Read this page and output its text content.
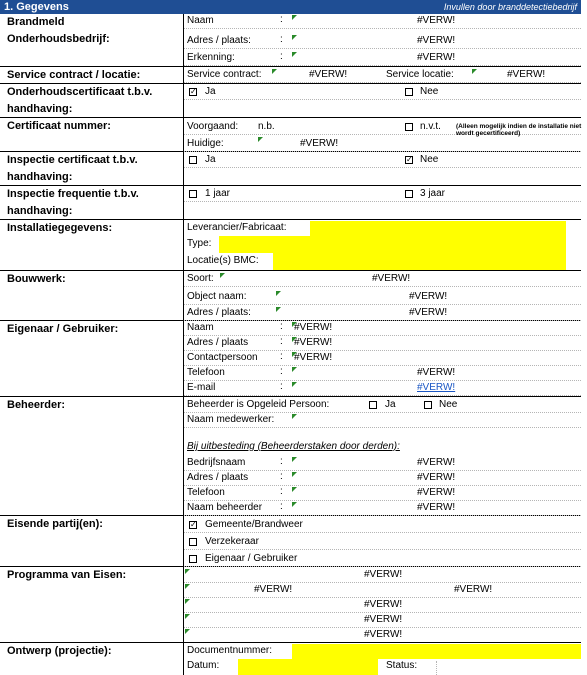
1. Gegevens	Invullen door branddetectiebedrijf
Brandmeld Onderhoudsbedrijf:
Naam	:	#VERW!
Adres / plaats:	:	#VERW!
Erkenning:	:	#VERW!
Service contract / locatie:	Service contract:	#VERW!	Service locatie:	#VERW!
Onderhoudscertificaat t.b.v. handhaving:
✓ Ja	Nee
Certificaat nummer:	Voorgaand: n.b.	n.v.t. (Alleen mogelijk indien de installatie niet wordt gecertificeerd)
Huidige:	#VERW!
Inspectie certificaat t.b.v. handhaving:
Ja	✓ Nee
Inspectie frequentie t.b.v. handhaving:
1 jaar	3 jaar
Installatiegegevens:	Leverancier/Fabricaat:
Type:
Locatie(s) BMC:
Bouwwerk:	Soort:	#VERW!
Object naam:	#VERW!
Adres / plaats:	#VERW!
Eigenaar / Gebruiker:	Naam	: #VERW!
Adres / plaats	: #VERW!
Contactpersoon : #VERW!
Telefoon	:	#VERW!
E-mail	:	#VERW!
Beheerder:	Beheerder is Opgeleid Persoon:	Ja	Nee
Naam medewerker:
Bij uitbesteding (Beheerderstaken door derden):
Bedrijfsnaam	:	#VERW!
Adres / plaats	:	#VERW!
Telefoon	:	#VERW!
Naam beheerder :	#VERW!
Eisende partij(en):	✓ Gemeente/Brandweer
Verzekeraar
Eigenaar / Gebruiker
Programma van Eisen:	#VERW!
#VERW!	#VERW!
#VERW!
#VERW!
#VERW!
Ontwerp (projectie):	Documentnummer:
Datum:	Status:
